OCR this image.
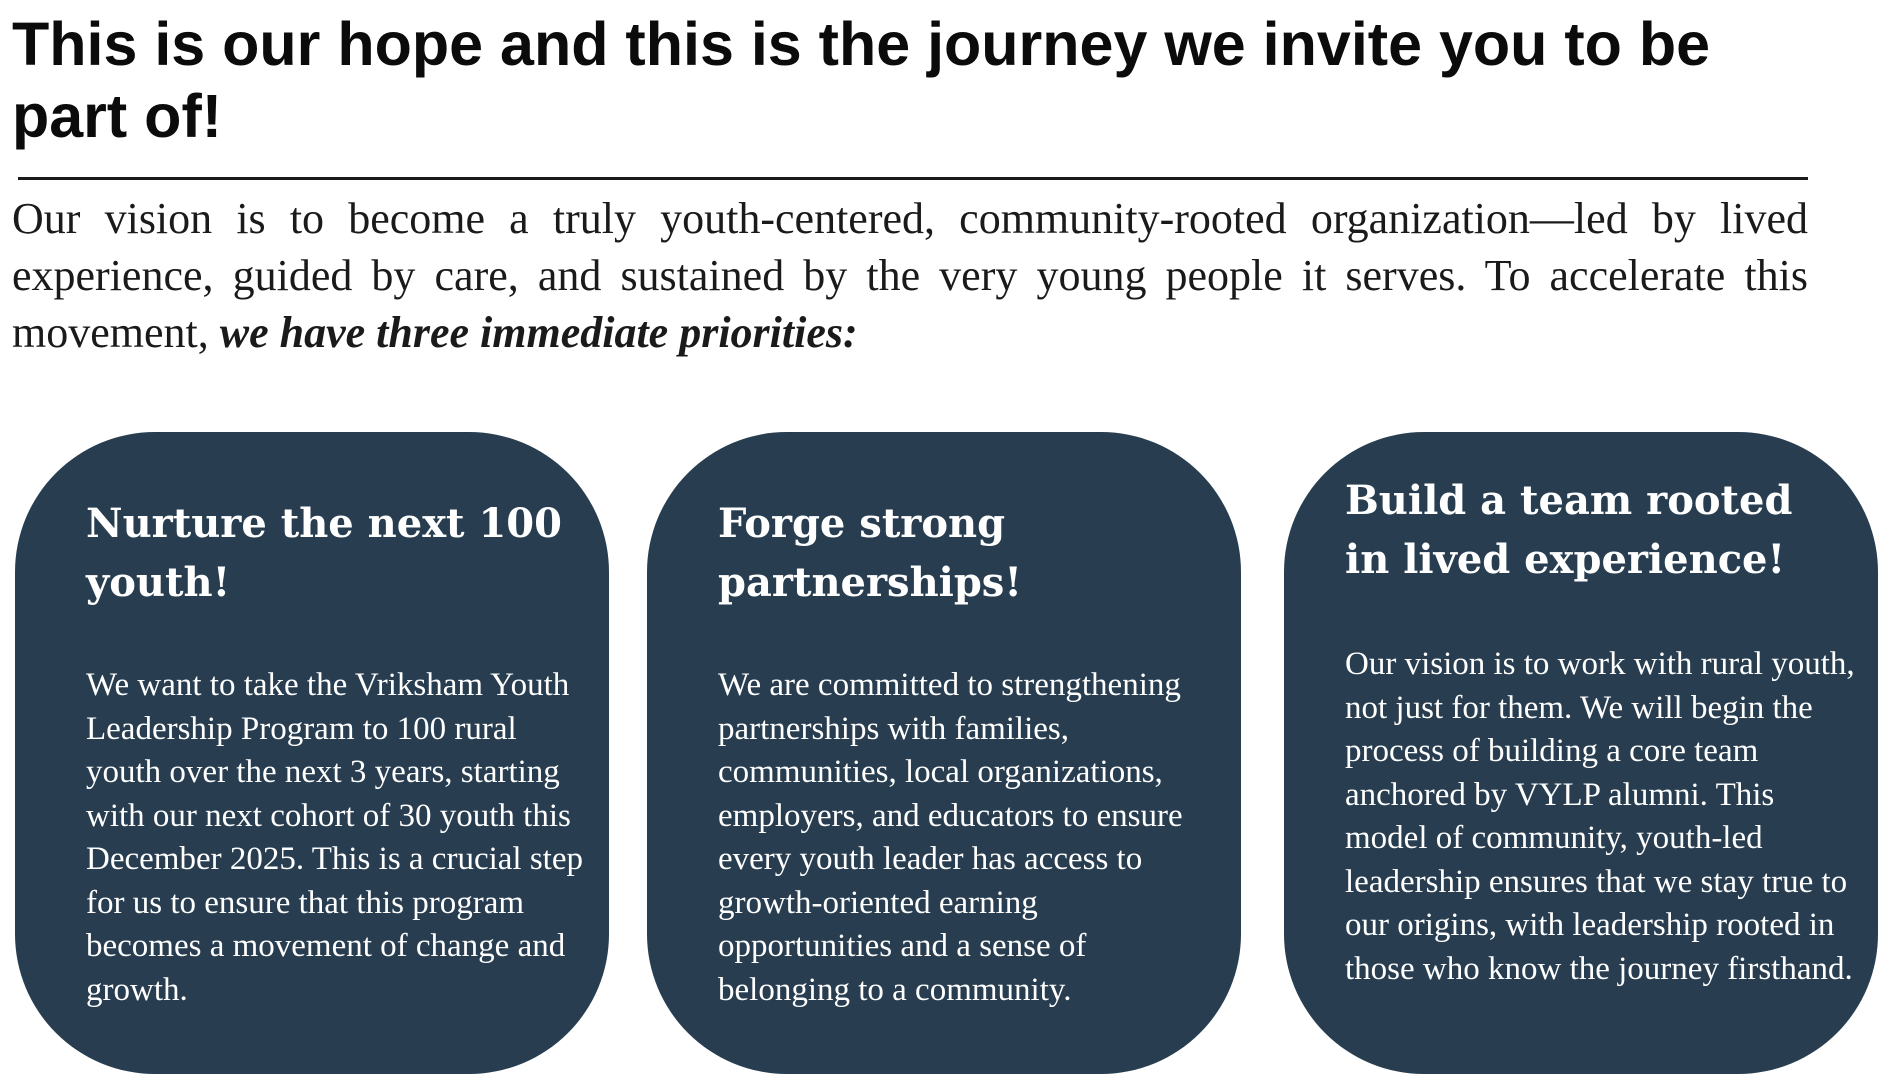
This is our hope and this is the journey we invite you to be part of!

Our vision is to become a truly youth-centered, community-rooted organization—led by lived experience, guided by care, and sustained by the very young people it serves. To accelerate this movement, we have three immediate priorities:

Nurture the next 100 youth!

We want to take the Vriksham Youth Leadership Program to 100 rural youth over the next 3 years, starting with our next cohort of 30 youth this December 2025. This is a crucial step for us to ensure that this program becomes a movement of change and growth.

Forge strong partnerships!

We are committed to strengthening partnerships with families, communities, local organizations, employers, and educators to ensure every youth leader has access to growth-oriented earning opportunities and a sense of belonging to a community.

Build a team rooted in lived experience!

Our vision is to work with rural youth, not just for them. We will begin the process of building a core team anchored by VYLP alumni. This model of community, youth-led leadership ensures that we stay true to our origins, with leadership rooted in those who know the journey firsthand.
